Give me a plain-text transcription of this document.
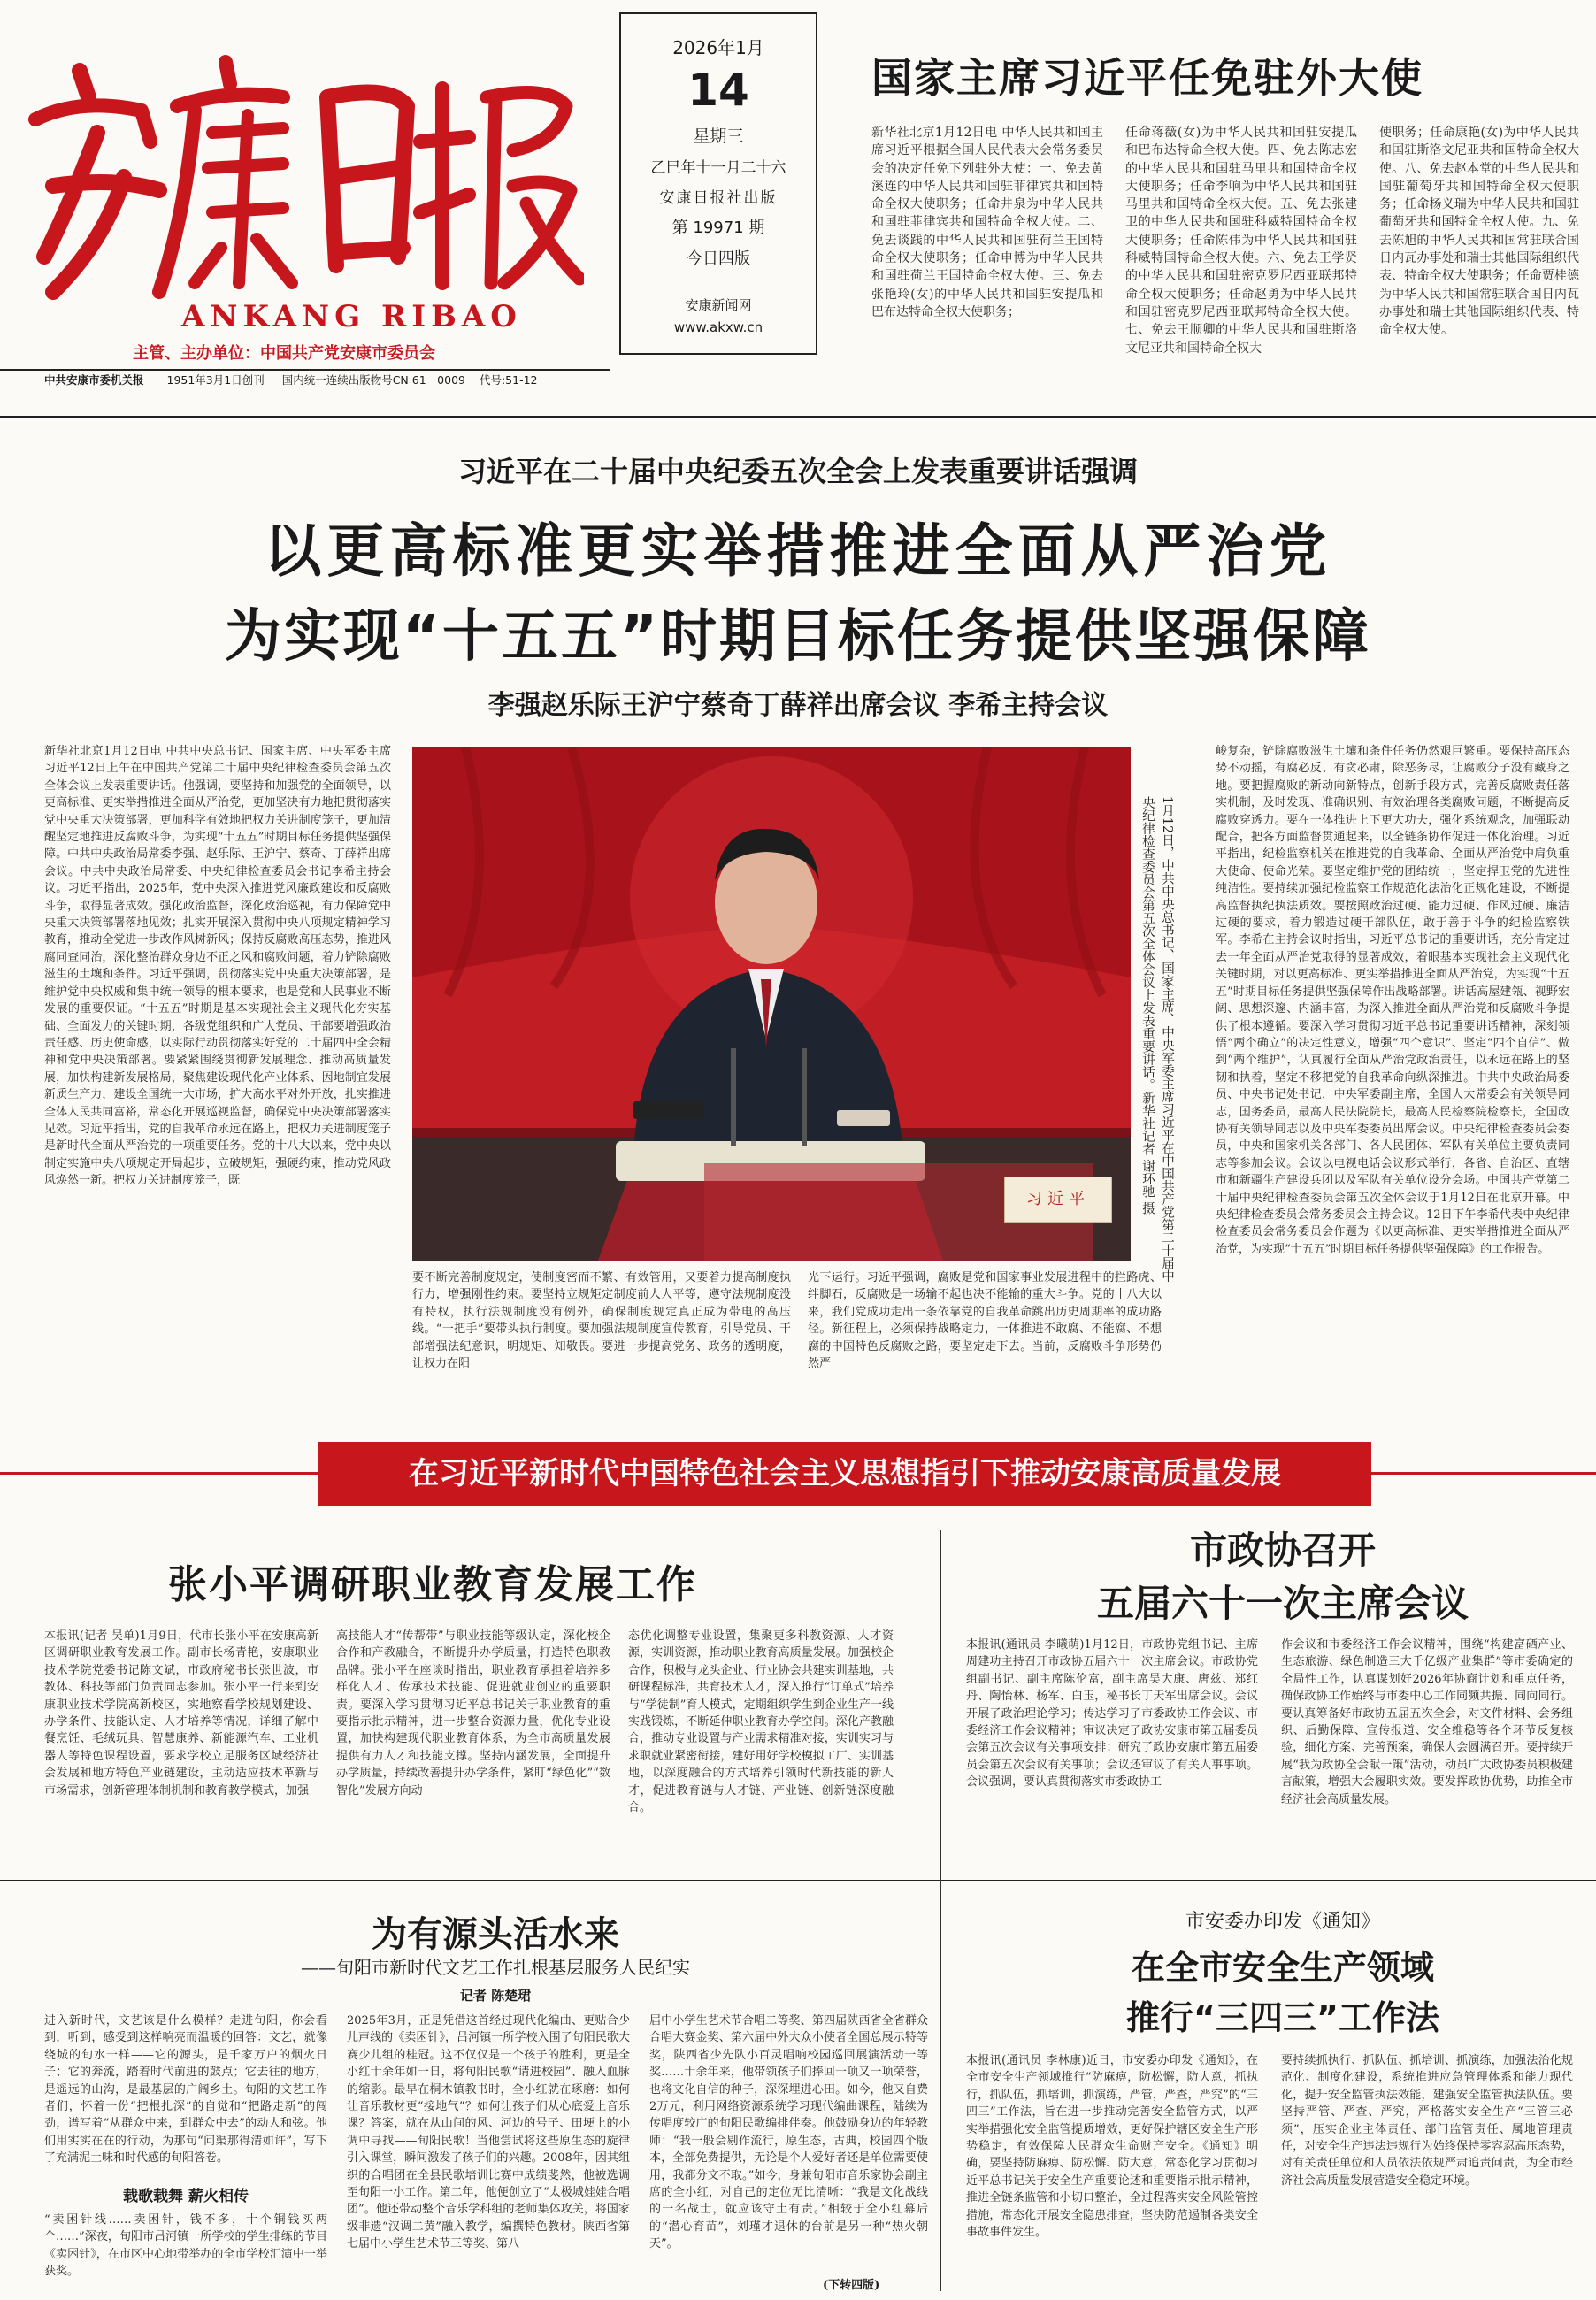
ANKANG RIBAO
主管、主办单位：中国共产党安康市委员会
2026年1月
14
星期三
乙巳年十一月二十六
安康日报社出版
第 19971 期
今日四版
安康新闻网
www.akxw.cn
中共安康市委机关报 1951年3月1日创刊 国内统一连续出版物号CN 61－0009 代号:51-12
国家主席习近平任免驻外大使
新华社北京1月12日电 中华人民共和国主席习近平根据全国人民代表大会常务委员会的决定任免下列驻外大使：一、免去黄溪连的中华人民共和国驻菲律宾共和国特命全权大使职务；任命井泉为中华人民共和国驻菲律宾共和国特命全权大使。二、免去谈践的中华人民共和国驻荷兰王国特命全权大使职务；任命申博为中华人民共和国驻荷兰王国特命全权大使。三、免去张艳玲(女)的中华人民共和国驻安提瓜和巴布达特命全权大使职务；
任命蒋薇(女)为中华人民共和国驻安提瓜和巴布达特命全权大使。四、免去陈志宏的中华人民共和国驻马里共和国特命全权大使职务；任命李响为中华人民共和国驻马里共和国特命全权大使。五、免去张建卫的中华人民共和国驻科威特国特命全权大使职务；任命陈伟为中华人民共和国驻科威特国特命全权大使。六、免去王学贤的中华人民共和国驻密克罗尼西亚联邦特命全权大使职务；任命赵勇为中华人民共和国驻密克罗尼西亚联邦特命全权大使。七、免去王顺卿的中华人民共和国驻斯洛文尼亚共和国特命全权大
使职务；任命康艳(女)为中华人民共和国驻斯洛文尼亚共和国特命全权大使。八、免去赵本堂的中华人民共和国驻葡萄牙共和国特命全权大使职务；任命杨义瑞为中华人民共和国驻葡萄牙共和国特命全权大使。九、免去陈旭的中华人民共和国常驻联合国日内瓦办事处和瑞士其他国际组织代表、特命全权大使职务；任命贾桂德为中华人民共和国常驻联合国日内瓦办事处和瑞士其他国际组织代表、特命全权大使。
习近平在二十届中央纪委五次全会上发表重要讲话强调
以更高标准更实举措推进全面从严治党
为实现“十五五”时期目标任务提供坚强保障
李强赵乐际王沪宁蔡奇丁薛祥出席会议 李希主持会议
新华社北京1月12日电 中共中央总书记、国家主席、中央军委主席习近平12日上午在中国共产党第二十届中央纪律检查委员会第五次全体会议上发表重要讲话。他强调，要坚持和加强党的全面领导，以更高标准、更实举措推进全面从严治党，更加坚决有力地把贯彻落实党中央重大决策部署，更加科学有效地把权力关进制度笼子，更加清醒坚定地推进反腐败斗争，为实现“十五五”时期目标任务提供坚强保障。中共中央政治局常委李强、赵乐际、王沪宁、蔡奇、丁薛祥出席会议。中共中央政治局常委、中央纪律检查委员会书记李希主持会议。习近平指出，2025年，党中央深入推进党风廉政建设和反腐败斗争，取得显著成效。强化政治监督，深化政治巡视，有力保障党中央重大决策部署落地见效；扎实开展深入贯彻中央八项规定精神学习教育，推动全党进一步改作风树新风；保持反腐败高压态势，推进风腐同查同治，深化整治群众身边不正之风和腐败问题，着力铲除腐败滋生的土壤和条件。习近平强调，贯彻落实党中央重大决策部署，是维护党中央权威和集中统一领导的根本要求，也是党和人民事业不断发展的重要保证。“十五五”时期是基本实现社会主义现代化夯实基础、全面发力的关键时期，各级党组织和广大党员、干部要增强政治责任感、历史使命感，以实际行动贯彻落实好党的二十届四中全会精神和党中央决策部署。要紧紧围绕贯彻新发展理念、推动高质量发展，加快构建新发展格局，聚焦建设现代化产业体系、因地制宜发展新质生产力，建设全国统一大市场，扩大高水平对外开放，扎实推进全体人民共同富裕，常态化开展巡视监督，确保党中央决策部署落实见效。习近平指出，党的自我革命永远在路上，把权力关进制度笼子是新时代全面从严治党的一项重要任务。党的十八大以来，党中央以制定实施中央八项规定开局起步，立破规矩，强硬约束，推动党风政风焕然一新。把权力关进制度笼子，既
习近平	1月12日，中共中央总书记、国家主席、中央军委主席习近平在中国共产党第二十届中央纪律检查委员会第五次全体会议上发表重要讲话。新华社记者 谢环驰 摄
要不断完善制度规定，使制度密而不繁、有效管用，又要着力提高制度执行力，增强刚性约束。要坚持立规矩定制度前人人平等，遵守法规制度没有特权，执行法规制度没有例外，确保制度规定真正成为带电的高压线。“一把手”要带头执行制度。要加强法规制度宣传教育，引导党员、干部增强法纪意识，明规矩、知敬畏。要进一步提高党务、政务的透明度，让权力在阳
光下运行。习近平强调，腐败是党和国家事业发展进程中的拦路虎、绊脚石，反腐败是一场输不起也决不能输的重大斗争。党的十八大以来，我们党成功走出一条依靠党的自我革命跳出历史周期率的成功路径。新征程上，必须保持战略定力，一体推进不敢腐、不能腐、不想腐的中国特色反腐败之路，要坚定走下去。当前，反腐败斗争形势仍然严
峻复杂，铲除腐败滋生土壤和条件任务仍然艰巨繁重。要保持高压态势不动摇，有腐必反、有贪必肃，除恶务尽，让腐败分子没有藏身之地。要把握腐败的新动向新特点，创新手段方式，完善反腐败责任落实机制，及时发现、准确识别、有效治理各类腐败问题，不断提高反腐败穿透力。要在一体推进上下更大功夫，强化系统观念，加强联动配合，把各方面监督贯通起来，以全链条协作促进一体化治理。习近平指出，纪检监察机关在推进党的自我革命、全面从严治党中肩负重大使命、使命光荣。要坚定维护党的团结统一，坚定捍卫党的先进性纯洁性。要持续加强纪检监察工作规范化法治化正规化建设，不断提高监督执纪执法质效。要按照政治过硬、能力过硬、作风过硬、廉洁过硬的要求，着力锻造过硬干部队伍，敢于善于斗争的纪检监察铁军。李希在主持会议时指出，习近平总书记的重要讲话，充分肯定过去一年全面从严治党取得的显著成效，着眼基本实现社会主义现代化关键时期，对以更高标准、更实举措推进全面从严治党，为实现“十五五”时期目标任务提供坚强保障作出战略部署。讲话高屋建瓴、视野宏阔、思想深邃、内涵丰富，为深入推进全面从严治党和反腐败斗争提供了根本遵循。要深入学习贯彻习近平总书记重要讲话精神，深刻领悟“两个确立”的决定性意义，增强“四个意识”、坚定“四个自信”、做到“两个维护”，认真履行全面从严治党政治责任，以永远在路上的坚韧和执着，坚定不移把党的自我革命向纵深推进。中共中央政治局委员、中央书记处书记，中央军委副主席，全国人大常委会有关领导同志，国务委员，最高人民法院院长，最高人民检察院检察长，全国政协有关领导同志以及中央军委委员出席会议。中央纪律检查委员会委员，中央和国家机关各部门、各人民团体、军队有关单位主要负责同志等参加会议。会议以电视电话会议形式举行，各省、自治区、直辖市和新疆生产建设兵团以及军队有关单位设分会场。中国共产党第二十届中央纪律检查委员会第五次全体会议于1月12日在北京开幕。中央纪律检查委员会常务委员会主持会议。12日下午李希代表中央纪律检查委员会常务委员会作题为《以更高标准、更实举措推进全面从严治党，为实现“十五五”时期目标任务提供坚强保障》的工作报告。
在习近平新时代中国特色社会主义思想指引下推动安康高质量发展
张小平调研职业教育发展工作
本报讯(记者 吴单)1月9日，代市长张小平在安康高新区调研职业教育发展工作。副市长杨青艳，安康职业技术学院党委书记陈文斌，市政府秘书长张世波，市教体、科技等部门负责同志参加。张小平一行来到安康职业技术学院高新校区，实地察看学校规划建设、办学条件、技能认定、人才培养等情况，详细了解中餐烹饪、毛绒玩具、智慧康养、新能源汽车、工业机器人等特色课程设置，要求学校立足服务区域经济社会发展和地方特色产业链建设，主动适应技术革新与市场需求，创新管理体制机制和教育教学模式，加强
高技能人才“传帮带”与职业技能等级认定，深化校企合作和产教融合，不断提升办学质量，打造特色职教品牌。张小平在座谈时指出，职业教育承担着培养多样化人才、传承技术技能、促进就业创业的重要职责。要深入学习贯彻习近平总书记关于职业教育的重要指示批示精神，进一步整合资源力量，优化专业设置，加快构建现代职业教育体系，为全市高质量发展提供有力人才和技能支撑。坚持内涵发展，全面提升办学质量，持续改善提升办学条件，紧盯“绿色化”“数智化”发展方向动
态优化调整专业设置，集聚更多科教资源、人才资源，实训资源，推动职业教育高质量发展。加强校企合作，积极与龙头企业、行业协会共建实训基地，共研课程标准，共育技术人才，深入推行“订单式”培养与“学徒制”育人模式，定期组织学生到企业生产一线实践锻炼，不断延伸职业教育办学空间。深化产教融合，推动专业设置与产业需求精准对接，实训实习与求职就业紧密衔接，建好用好学校模拟工厂、实训基地，以深度融合的方式培养引领时代新技能的新人才，促进教育链与人才链、产业链、创新链深度融合。
市政协召开
五届六十一次主席会议
本报讯(通讯员 李曦萌)1月12日，市政协党组书记、主席周建功主持召开市政协五届六十一次主席会议。市政协党组副书记、副主席陈伦富，副主席吴大康、唐兹、郑红丹、陶怡林、杨军、白玉，秘书长丁天军出席会议。会议开展了政治理论学习；传达学习了市委政协工作会议、市委经济工作会议精神；审议决定了政协安康市第五届委员会第五次会议有关事项安排；研究了政协安康市第五届委员会第五次会议有关事项；会议还审议了有关人事事项。会议强调，要认真贯彻落实市委政协工
作会议和市委经济工作会议精神，围绕“构建富硒产业、生态旅游、绿色制造三大千亿级产业集群”等市委确定的全局性工作，认真谋划好2026年协商计划和重点任务，确保政协工作始终与市委中心工作同频共振、同向同行。要认真筹备好市政协五届五次全会，对文件材料、会务组织、后勤保障、宣传报道、安全维稳等各个环节反复核验，细化方案、完善预案，确保大会圆满召开。要持续开展“我为政协全会献一策”活动，动员广大政协委员积极建言献策，增强大会履职实效。要发挥政协优势，助推全市经济社会高质量发展。
为有源头活水来
——旬阳市新时代文艺工作扎根基层服务人民纪实
记者 陈楚珺
进入新时代，文艺该是什么模样？走进旬阳，你会看到，听到，感受到这样响亮而温暖的回答：文艺，就像绕城的旬水一样——它的源头，是千家万户的烟火日子；它的奔流，踏着时代前进的鼓点；它去往的地方，是遥远的山沟，是最基层的广阔乡土。旬阳的文艺工作者们，怀着一份“把根扎深”的自觉和“把路走新”的闯劲，谱写着“从群众中来，到群众中去”的动人和弦。他们用实实在在的行动，为那句“问渠那得清如许”，写下了充满泥土味和时代感的旬阳答卷。
载歌载舞 薪火相传
“卖困针线……卖困针，钱不多，十个铜钱买两个……”深夜，旬阳市吕河镇一所学校的学生排练的节目《卖困针》，在市区中心地带举办的全市学校汇演中一举获奖。
2025年3月，正是凭借这首经过现代化编曲、更贴合少儿声线的《卖困针》，吕河镇一所学校入围了旬阳民歌大赛少儿组的桂冠。这不仅仅是一个孩子的胜利，更是全小红十余年如一日，将旬阳民歌“请进校园”、融入血脉的缩影。最早在桐木镇教书时，全小红就在琢磨：如何让音乐教材更“接地气”？如何让孩子们从心底爱上音乐课？答案，就在从山间的风、河边的号子、田埂上的小调中寻找——旬阳民歌！当他尝试将这些原生态的旋律引入课堂，瞬间激发了孩子们的兴趣。2008年，因其组织的合唱团在全县民歌培训比赛中成绩斐然，他被选调至旬阳一小工作。第二年，他便创立了“太极城娃娃合唱团”。他还带动整个音乐学科组的老师集体攻关，将国家级非遗“汉调二黄”融入教学，编撰特色教材。陕西省第七届中小学生艺术节三等奖、第八
届中小学生艺术节合唱二等奖、第四届陕西省全省群众合唱大赛金奖、第六届中外大众小使者全国总展示特等奖，陕西省少先队小百灵唱响校园巡回展演活动一等奖……十余年来，他带领孩子们捧回一项又一项荣誉，也将文化自信的种子，深深埋进心田。如今，他又自费2万元，利用网络资源系统学习现代编曲课程，陆续为传唱度较广的旬阳民歌编排伴奏。他鼓励身边的年轻教师：“我一般会剔作流行，原生态，古典，校园四个版本，全部免费提供，无论是个人爱好者还是单位需要使用，我都分文不取。”如今，身兼旬阳市音乐家协会副主席的全小红，对自己的定位无比清晰：“我是文化战线的一名战士，就应该守土有责。”相较于全小红幕后的“潜心育苗”，刘瑾才退休的台前是另一种“热火朝天”。
(下转四版)
市安委办印发《通知》
在全市安全生产领域
推行“三四三”工作法
本报讯(通讯员 李林康)近日，市安委办印发《通知》，在全市安全生产领域推行“防麻痹，防松懈，防大意，抓执行，抓队伍，抓培训，抓演练，严管，严查，严究”的“三四三”工作法，旨在进一步推动完善安全监管方式，以严实举措强化安全监管提质增效，更好保护辖区安全生产形势稳定，有效保障人民群众生命财产安全。《通知》明确，要坚持防麻痹、防松懈、防大意，常态化学习贯彻习近平总书记关于安全生产重要论述和重要指示批示精神，推进全链条监管和小切口整治，全过程落实安全风险管控措施，常态化开展安全隐患排查，坚决防范遏制各类安全事故事件发生。
要持续抓执行、抓队伍、抓培训、抓演练，加强法治化规范化、制度化建设，系统推进应急管理体系和能力现代化，提升安全监管执法效能，建强安全监管执法队伍。要坚持严管、严查、严究，严格落实安全生产“三管三必须”，压实企业主体责任、部门监管责任、属地管理责任，对安全生产违法违规行为始终保持零容忍高压态势，对有关责任单位和人员依法依规严肃追责问责，为全市经济社会高质量发展营造安全稳定环境。
